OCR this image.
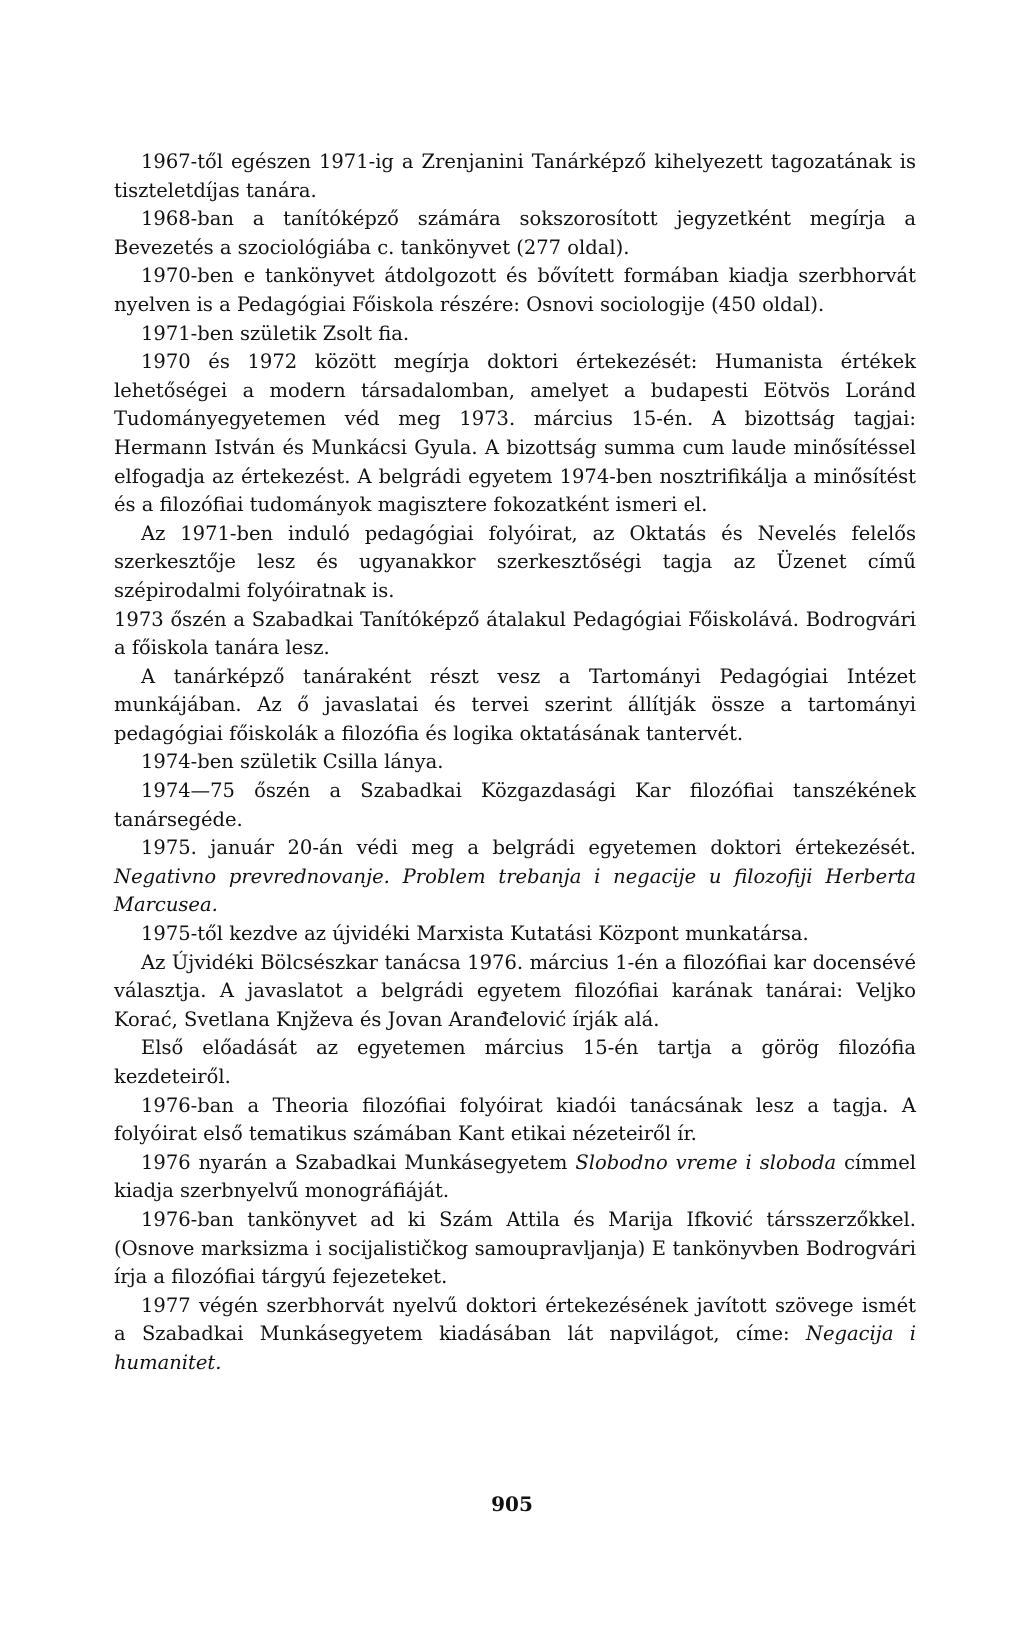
1967-től egészen 1971-ig a Zrenjanini Tanárképző kihelyezett tagozatának is tiszteletdíjas tanára.

1968-ban a tanítóképző számára sokszorosított jegyzetként megírja a Bevezetés a szociológiába c. tankönyvet (277 oldal).

1970-ben e tankönyvet átdolgozott és bővített formában kiadja szerbhorvát nyelven is a Pedagógiai Főiskola részére: Osnovi sociologije (450 oldal).

1971-ben születik Zsolt fia.

1970 és 1972 között megírja doktori értekezését: Humanista értékek lehetőségei a modern társadalomban, amelyet a budapesti Eötvös Loránd Tudományegyetemen véd meg 1973. március 15-én. A bizottság tagjai: Hermann István és Munkácsi Gyula. A bizottság summa cum laude minősítéssel elfogadja az értekezést. A belgrádi egyetem 1974-ben nosztrifikálja a minősítést és a filozófiai tudományok magisztere fokozatként ismeri el.

Az 1971-ben induló pedagógiai folyóirat, az Oktatás és Nevelés felelős szerkesztője lesz és ugyanakkor szerkesztőségi tagja az Üzenet című szépirodalmi folyóiratnak is.

1973 őszén a Szabadkai Tanítóképző átalakul Pedagógiai Főiskolává. Bodrogvári a főiskola tanára lesz.

A tanárképző tanáraként részt vesz a Tartományi Pedagógiai Intézet munkájában. Az ő javaslatai és tervei szerint állítják össze a tartományi pedagógiai főiskolák a filozófia és logika oktatásának tantervét.

1974-ben születik Csilla lánya.

1974—75 őszén a Szabadkai Közgazdasági Kar filozófiai tanszékének tanársegéde.

1975. január 20-án védi meg a belgrádi egyetemen doktori értekezését. Negativno prevrednovanje. Problem trebanja i negacije u filozofiji Herberta Marcusea.

1975-től kezdve az újvidéki Marxista Kutatási Központ munkatársa.

Az Újvidéki Bölcsészkar tanácsa 1976. március 1-én a filozófiai kar docensévé választja. A javaslatot a belgrádi egyetem filozófiai karának tanárai: Veljko Korać, Svetlana Knjževa és Jovan Aranđelović írják alá.

Első előadását az egyetemen március 15-én tartja a görög filozófia kezdeteiről.

1976-ban a Theoria filozófiai folyóirat kiadói tanácsának lesz a tagja. A folyóirat első tematikus számában Kant etikai nézeteiről ír.

1976 nyarán a Szabadkai Munkásegyetem Slobodno vreme i sloboda címmel kiadja szerbnyelvű monográfiáját.

1976-ban tankönyvet ad ki Szám Attila és Marija Ifković társszerzőkkel. (Osnove marksizma i socijalističkog samoupravljanja) E tankönyvben Bodrogvári írja a filozófiai tárgyú fejezeteket.

1977 végén szerbhorvát nyelvű doktori értekezésének javított szövege ismét a Szabadkai Munkásegyetem kiadásában lát napvilágot, címe: Negacija i humanitet.

905
